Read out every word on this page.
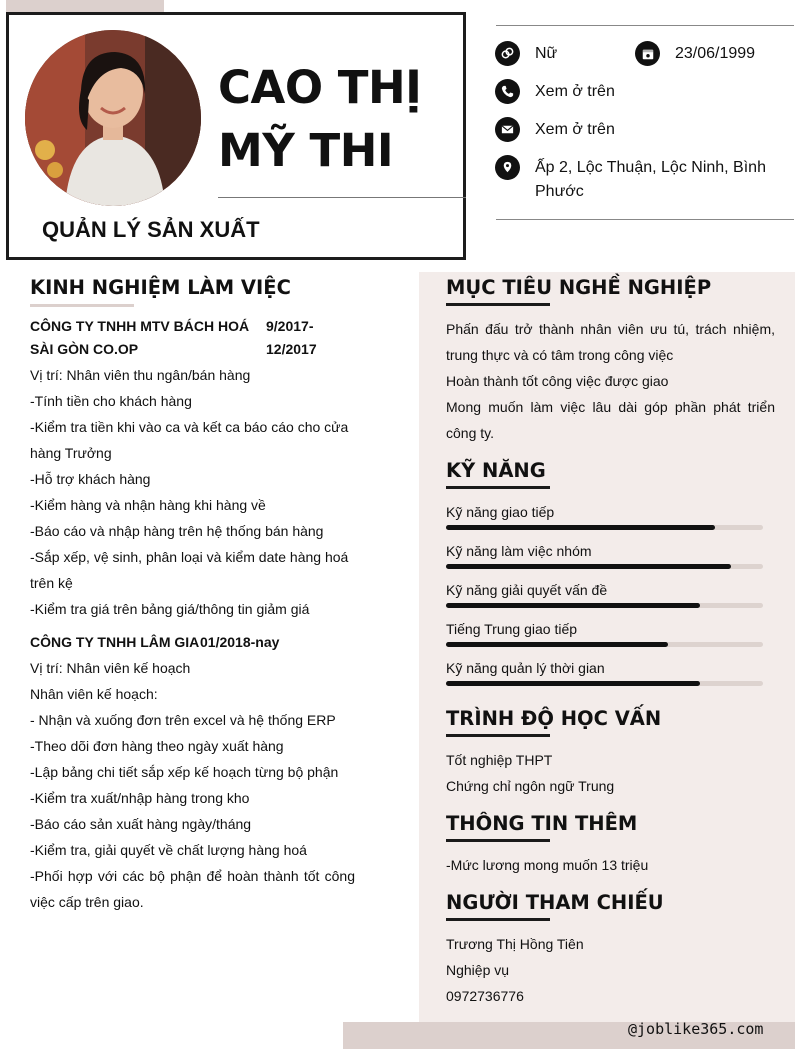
CAO THỊ
MỸ THI
QUẢN LÝ SẢN XUẤT
Nữ	23/06/1999
Xem ở trên
Xem ở trên
Ấp 2, Lộc Thuận, Lộc Ninh, Bình Phước
@joblike365.com
KINH NGHIỆM LÀM VIỆC
CÔNG TY TNHH MTV BÁCH HOÁ SÀI GÒN CO.OP
9/2017- 12/2017
Vị trí: Nhân viên thu ngân/bán hàng
-Tính tiền cho khách hàng
-Kiểm tra tiền khi vào ca và kết ca báo cáo cho cửa hàng Trưởng
-Hỗ trợ khách hàng
-Kiểm hàng và nhận hàng khi hàng về
-Báo cáo và nhập hàng trên hệ thống bán hàng
-Sắp xếp, vệ sinh, phân loại và kiểm date hàng hoá trên kệ
-Kiểm tra giá trên bảng giá/thông tin giảm giá
CÔNG TY TNHH LÂM GIA 01/2018-nay
Vị trí: Nhân viên kế hoạch
Nhân viên kế hoạch:
- Nhận và xuống đơn trên excel và hệ thống ERP
-Theo dõi đơn hàng theo ngày xuất hàng
-Lập bảng chi tiết sắp xếp kế hoạch từng bộ phận
-Kiểm tra xuất/nhập hàng trong kho
-Báo cáo sản xuất hàng ngày/tháng
-Kiểm tra, giải quyết về chất lượng hàng hoá
-Phối hợp với các bộ phận để hoàn thành tốt công việc cấp trên giao.
MỤC TIÊU NGHỀ NGHIỆP
Phấn đấu trở thành nhân viên ưu tú, trách nhiệm, trung thực và có tâm trong công việc
Hoàn thành tốt công việc được giao
Mong muốn làm việc lâu dài góp phần phát triển công ty.
KỸ NĂNG
Kỹ năng giao tiếp
Kỹ năng làm việc nhóm
Kỹ năng giải quyết vấn đề
Tiếng Trung giao tiếp
Kỹ năng quản lý thời gian
TRÌNH ĐỘ HỌC VẤN
Tốt nghiệp THPT
Chứng chỉ ngôn ngữ Trung
THÔNG TIN THÊM
-Mức lương mong muốn 13 triệu
NGƯỜI THAM CHIẾU
Trương Thị Hồng Tiên
Nghiệp vụ
0972736776
